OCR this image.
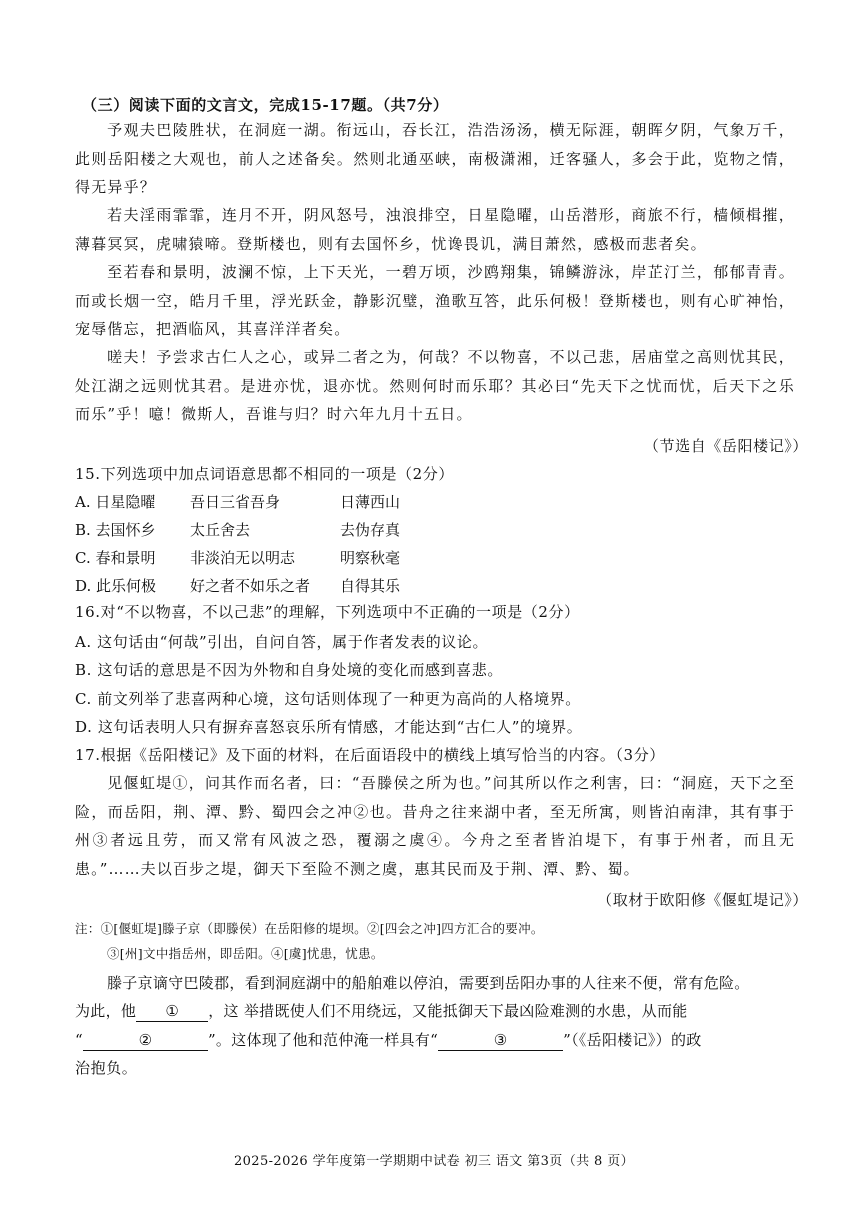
（三）阅读下面的文言文，完成15-17题。（共7分）
予观夫巴陵胜状，在洞庭一湖。衔远山，吞长江，浩浩汤汤，横无际涯，朝晖夕阴，气象万千，此则岳阳楼之大观也，前人之述备矣。然则北通巫峡，南极潇湘，迁客骚人，多会于此，览物之情，得无异乎？
若夫淫雨霏霏，连月不开，阴风怒号，浊浪排空，日星隐曜，山岳潜形，商旅不行，樯倾楫摧，薄暮冥冥，虎啸猿啼。登斯楼也，则有去国怀乡，忧谗畏讥，满目萧然，感极而悲者矣。
至若春和景明，波澜不惊，上下天光，一碧万顷，沙鸥翔集，锦鳞游泳，岸芷汀兰，郁郁青青。而或长烟一空，皓月千里，浮光跃金，静影沉璧，渔歌互答，此乐何极！登斯楼也，则有心旷神怡，宠辱偕忘，把酒临风，其喜洋洋者矣。
嗟夫！予尝求古仁人之心，或异二者之为，何哉？不以物喜，不以己悲，居庙堂之高则忧其民，处江湖之远则忧其君。是进亦忧，退亦忧。然则何时而乐耶？其必曰“先天下之忧而忧，后天下之乐而乐”乎！噫！微斯人，吾谁与归？时六年九月十五日。
（节选自《岳阳楼记》）
15.下列选项中加点词语意思都不相同的一项是（2分）
A. 日星隐曜 吾日三省吾身	日薄西山
B. 去国怀乡 太丘舍去	去伪存真
C. 春和景明 非淡泊无以明志	明察秋毫
D. 此乐何极 好之者不如乐之者 自得其乐
16.对“不以物喜，不以己悲”的理解，下列选项中不正确的一项是（2分）
A. 这句话由“何哉”引出，自问自答，属于作者发表的议论。
B. 这句话的意思是不因为外物和自身处境的变化而感到喜悲。
C. 前文列举了悲喜两种心境，这句话则体现了一种更为高尚的人格境界。
D. 这句话表明人只有摒弃喜怒哀乐所有情感，才能达到“古仁人”的境界。
17.根据《岳阳楼记》及下面的材料，在后面语段中的横线上填写恰当的内容。（3分）
见偃虹堤①，问其作而名者，曰：“吾滕侯之所为也。”问其所以作之利害，曰：“洞庭，天下之至险，而岳阳，荆、潭、黔、蜀四会之冲②也。昔舟之往来湖中者，至无所寓，则皆泊南津，其有事于州③者远且劳，而又常有风波之恐，覆溺之虞④。今舟之至者皆泊堤下，有事于州者，而且无患。”……夫以百步之堤，御天下至险不测之虞，惠其民而及于荆、潭、黔、蜀。
（取材于欧阳修《偃虹堤记》）
注：①[偃虹堤]滕子京（即滕侯）在岳阳修的堤坝。②[四会之冲]四方汇合的要冲。
③[州]文中指岳州，即岳阳。④[虞]忧患，忧患。
滕子京谪守巴陵郡，看到洞庭湖中的船舶难以停泊，需要到岳阳办事的人往来不便，常有危险。
为此，他 ① ，这 举措既使人们不用绕远，又能抵御天下最凶险难测的水患，从而能
“	②	”。这体现了他和范仲淹一样具有“	③	”（《岳阳楼记》）的政
治抱负。
2025-2026 学年度第一学期期中试卷 初三 语文 第3页（共 8 页）
